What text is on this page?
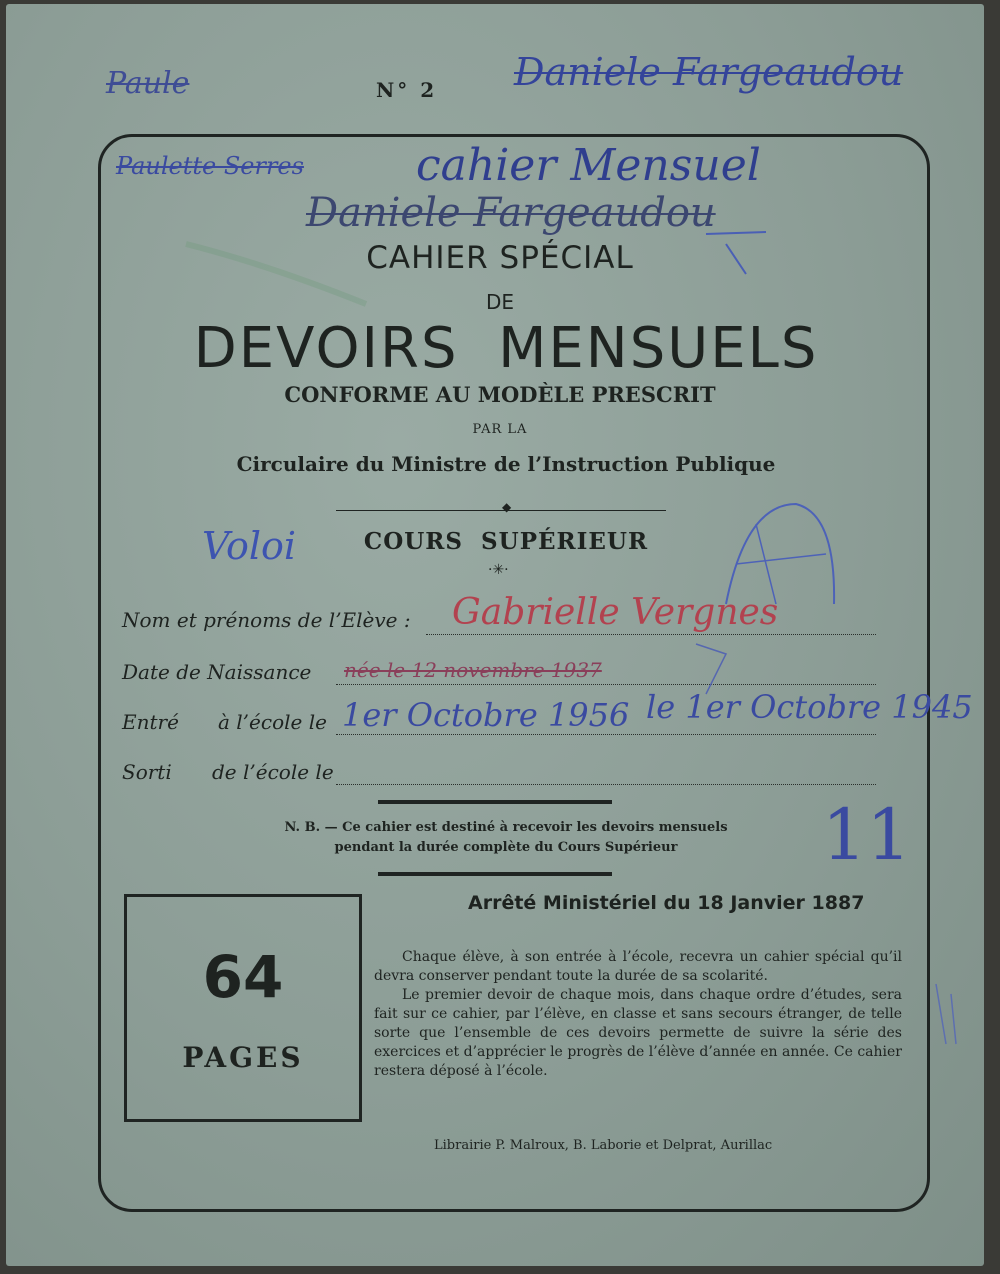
Paule	N° 2 Daniele Fargeaudou
Paulette Serres	cahier Mensuel
Daniele Fargeaudou
CAHIER SPÉCIAL
DE
DEVOIRS  MENSUELS
CONFORME AU MODÈLE PRESCRIT
PAR LA
Circulaire du Ministre de l’Instruction Publique
◆
Voloi	COURS  SUPÉRIEUR
·✳·
Nom et prénoms de l’Elève : Gabrielle Vergnes
Date de Naissance née le 12 novembre 1937
Entré à l’école le 1er Octobre 1956 le 1er Octobre 1945
Sorti de l’école le
N. B. — Ce cahier est destiné à recevoir les devoirs mensuels
pendant la durée complète du Cours Supérieur	11
64
PAGES
Arrêté Ministériel du 18 Janvier 1887

Chaque élève, à son entrée à l’école, recevra un cahier spécial qu’il devra conserver pendant toute la durée de sa scolarité.

Le premier devoir de chaque mois, dans chaque ordre d’études, sera fait sur ce cahier, par l’élève, en classe et sans secours étranger, de telle sorte que l’ensemble de ces devoirs permette de suivre la série des exercices et d’apprécier le progrès de l’élève d’année en année. Ce cahier restera déposé à l’école.

Librairie P. Malroux, B. Laborie et Delprat, Aurillac
